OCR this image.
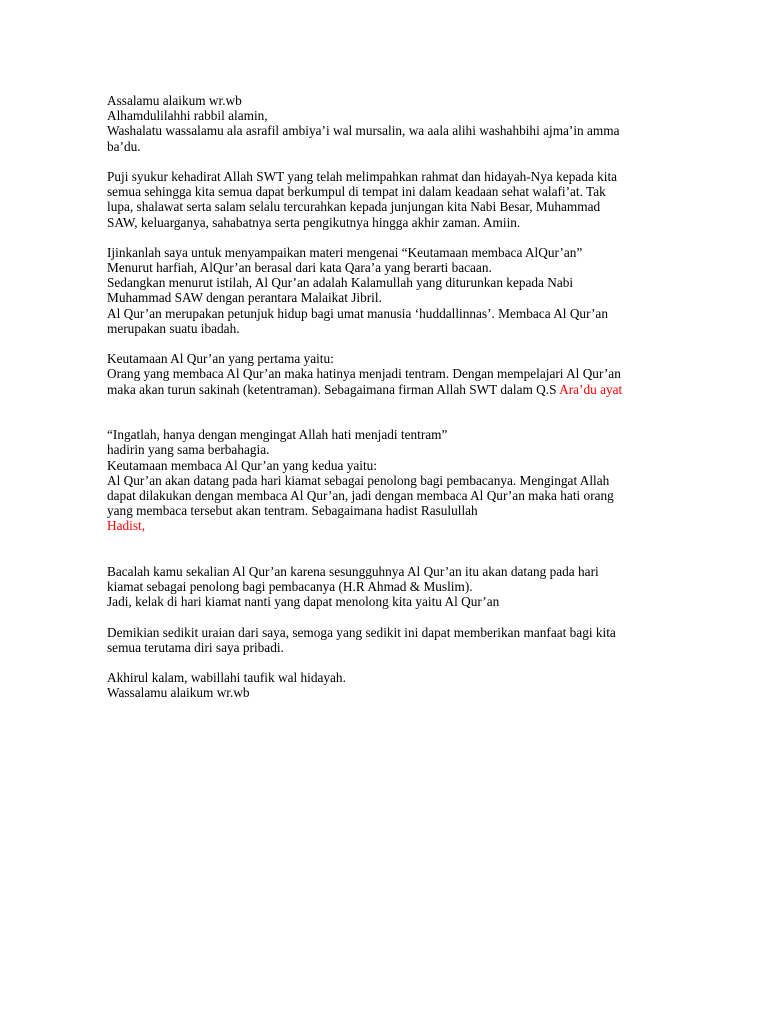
Assalamu alaikum wr.wb
Alhamdulilahhi rabbil alamin,
Washalatu wassalamu ala asrafil ambiya’i wal mursalin, wa aala alihi washahbihi ajma’in amma
ba’du.
Puji syukur kehadirat Allah SWT yang telah melimpahkan rahmat dan hidayah-Nya kepada kita
semua sehingga kita semua dapat berkumpul di tempat ini dalam keadaan sehat walafi’at. Tak
lupa, shalawat serta salam selalu tercurahkan kepada junjungan kita Nabi Besar, Muhammad
SAW, keluarganya, sahabatnya serta pengikutnya hingga akhir zaman. Amiin.
Ijinkanlah saya untuk menyampaikan materi mengenai “Keutamaan membaca AlQur’an”
Menurut harfiah, AlQur’an berasal dari kata Qara’a yang berarti bacaan.
Sedangkan menurut istilah, Al Qur’an adalah Kalamullah yang diturunkan kepada Nabi
Muhammad SAW dengan perantara Malaikat Jibril.
Al Qur’an merupakan petunjuk hidup bagi umat manusia ‘huddallinnas’. Membaca Al Qur’an
merupakan suatu ibadah.
Keutamaan Al Qur’an yang pertama yaitu:
Orang yang membaca Al Qur’an maka hatinya menjadi tentram. Dengan mempelajari Al Qur’an
maka akan turun sakinah (ketentraman). Sebagaimana firman Allah SWT dalam Q.S Ara’du ayat
“Ingatlah, hanya dengan mengingat Allah hati menjadi tentram”
hadirin yang sama berbahagia.
Keutamaan membaca Al Qur’an yang kedua yaitu:
Al Qur’an akan datang pada hari kiamat sebagai penolong bagi pembacanya. Mengingat Allah
dapat dilakukan dengan membaca Al Qur’an, jadi dengan membaca Al Qur’an maka hati orang
yang membaca tersebut akan tentram. Sebagaimana hadist Rasulullah
Hadist,
Bacalah kamu sekalian Al Qur’an karena sesungguhnya Al Qur’an itu akan datang pada hari
kiamat sebagai penolong bagi pembacanya (H.R Ahmad & Muslim).
Jadi, kelak di hari kiamat nanti yang dapat menolong kita yaitu Al Qur’an
Demikian sedikit uraian dari saya, semoga yang sedikit ini dapat memberikan manfaat bagi kita
semua terutama diri saya pribadi.
Akhirul kalam, wabillahi taufik wal hidayah.
Wassalamu alaikum wr.wb
